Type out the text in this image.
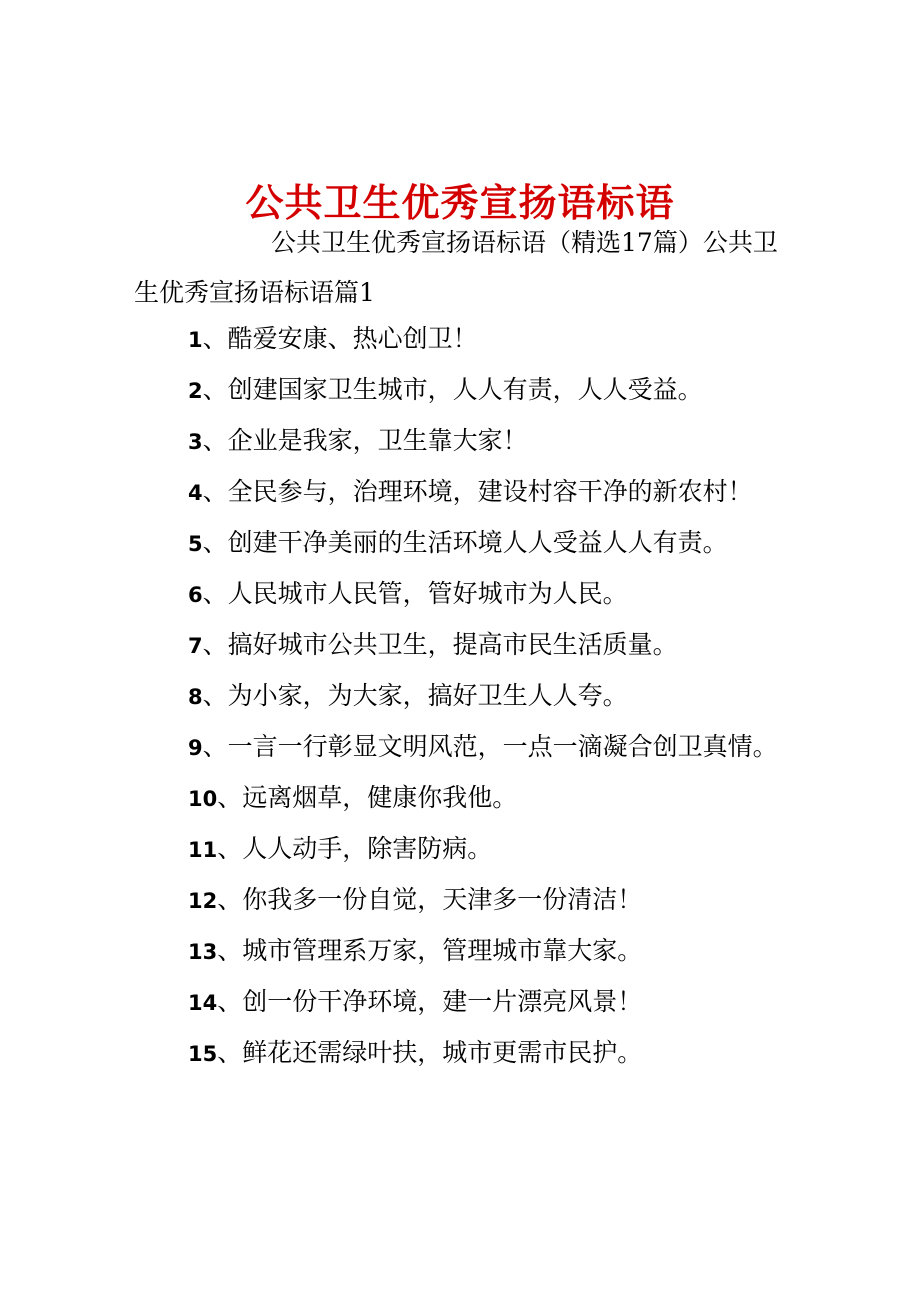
公共卫生优秀宣扬语标语

公共卫生优秀宣扬语标语（精选17篇）公共卫生优秀宣扬语标语篇1

1、酷爱安康、热心创卫！
2、创建国家卫生城市，人人有责，人人受益。
3、企业是我家，卫生靠大家！
4、全民参与，治理环境，建设村容干净的新农村！
5、创建干净美丽的生活环境人人受益人人有责。
6、人民城市人民管，管好城市为人民。
7、搞好城市公共卫生，提高市民生活质量。
8、为小家，为大家，搞好卫生人人夸。
9、一言一行彰显文明风范，一点一滴凝合创卫真情。
10、远离烟草，健康你我他。
11、人人动手，除害防病。
12、你我多一份自觉，天津多一份清洁！
13、城市管理系万家，管理城市靠大家。
14、创一份干净环境，建一片漂亮风景！
15、鲜花还需绿叶扶，城市更需市民护。
